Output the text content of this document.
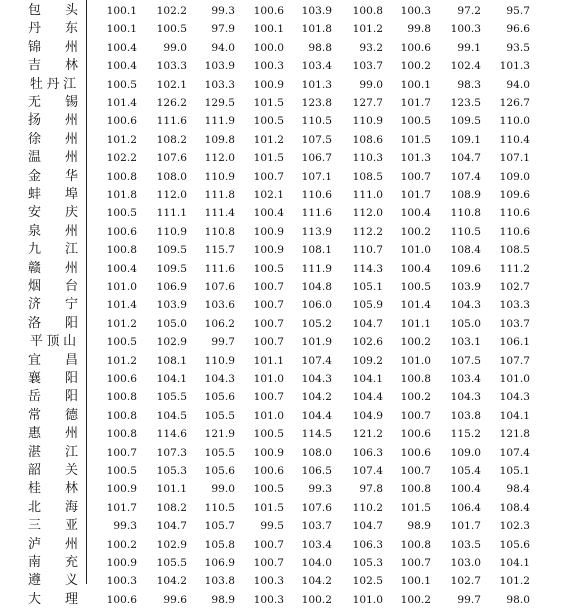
包 头	100.1	102.2	99.3	100.6	103.9	100.8	100.3	97.2	95.7
丹 东	100.1	100.5	97.9	100.1	101.8	101.2	99.8	100.3	96.6
锦 州	100.4	99.0	94.0	100.0	98.8	93.2	100.6	99.1	93.5
吉 林	100.4	103.3	103.9	100.3	103.4	103.7	100.2	102.4	101.3
牡 丹 江	100.5	102.1	103.3	100.9	101.3	99.0	100.1	98.3	94.0
无 锡	101.4	126.2	129.5	101.5	123.8	127.7	101.7	123.5	126.7
扬 州	100.6	111.6	111.9	100.5	110.5	110.9	100.5	109.5	110.0
徐 州	101.2	108.2	109.8	101.2	107.5	108.6	101.5	109.1	110.4
温 州	102.2	107.6	112.0	101.5	106.7	110.3	101.3	104.7	107.1
金 华	100.8	108.0	110.9	100.7	107.1	108.5	100.7	107.4	109.0
蚌 埠	101.8	112.0	111.8	102.1	110.6	111.0	101.7	108.9	109.6
安 庆	100.5	111.1	111.4	100.4	111.6	112.0	100.4	110.8	110.6
泉 州	100.6	110.9	110.8	100.9	113.9	112.2	100.2	110.5	110.6
九 江	100.8	109.5	115.7	100.9	108.1	110.7	101.0	108.4	108.5
赣 州	100.4	109.5	111.6	100.5	111.9	114.3	100.4	109.6	111.2
烟 台	101.0	106.9	107.6	100.7	104.8	105.1	100.5	103.9	102.7
济 宁	101.4	103.9	103.6	100.7	106.0	105.9	101.4	104.3	103.3
洛 阳	101.2	105.0	106.2	100.7	105.2	104.7	101.1	105.0	103.7
平 顶 山	100.5	102.9	99.7	100.7	101.9	102.6	100.2	103.1	106.1
宜 昌	101.2	108.1	110.9	101.1	107.4	109.2	101.0	107.5	107.7
襄 阳	100.6	104.1	104.3	101.0	104.3	104.1	100.8	103.4	101.0
岳 阳	100.8	105.5	105.6	100.7	104.2	104.4	100.2	104.3	104.3
常 德	100.8	104.5	105.5	101.0	104.4	104.9	100.7	103.8	104.1
惠 州	100.8	114.6	121.9	100.5	114.5	121.2	100.6	115.2	121.8
湛 江	100.7	107.3	105.5	100.9	108.0	106.3	100.6	109.0	107.4
韶 关	100.5	105.3	105.6	100.6	106.5	107.4	100.7	105.4	105.1
桂 林	100.9	101.1	99.0	100.5	99.3	97.8	100.8	100.4	98.4
北 海	101.7	108.2	110.5	101.5	107.6	110.2	101.5	106.4	108.4
三 亚	99.3	104.7	105.7	99.5	103.7	104.7	98.9	101.7	102.3
泸 州	100.2	102.9	105.8	100.7	103.4	106.3	100.8	103.5	105.6
南 充	100.9	105.5	106.9	100.7	104.0	105.3	100.7	103.0	104.1
遵 义	100.3	104.2	103.8	100.3	104.2	102.5	100.1	102.7	101.2
大 理	100.6	99.6	98.9	100.3	100.2	101.0	100.2	99.7	98.0
